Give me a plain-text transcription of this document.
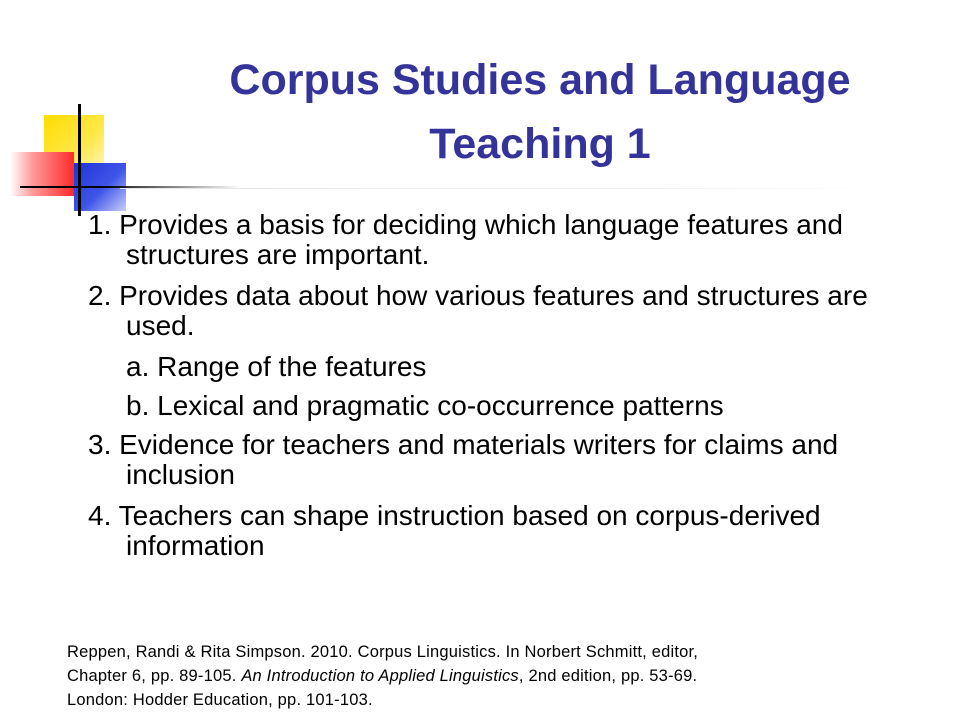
Corpus Studies and Language
Teaching 1
1. Provides a basis for deciding which language features and structures are important.
2. Provides data about how various features and structures are used.
a. Range of the features
b. Lexical and pragmatic co-occurrence patterns
3. Evidence for teachers and materials writers for claims and inclusion
4. Teachers can shape instruction based on corpus-derived information
Reppen, Randi & Rita Simpson. 2010. Corpus Linguistics. In Norbert Schmitt, editor,
Chapter 6, pp. 89-105. An Introduction to Applied Linguistics, 2nd edition, pp. 53-69.
London: Hodder Education, pp. 101-103.
